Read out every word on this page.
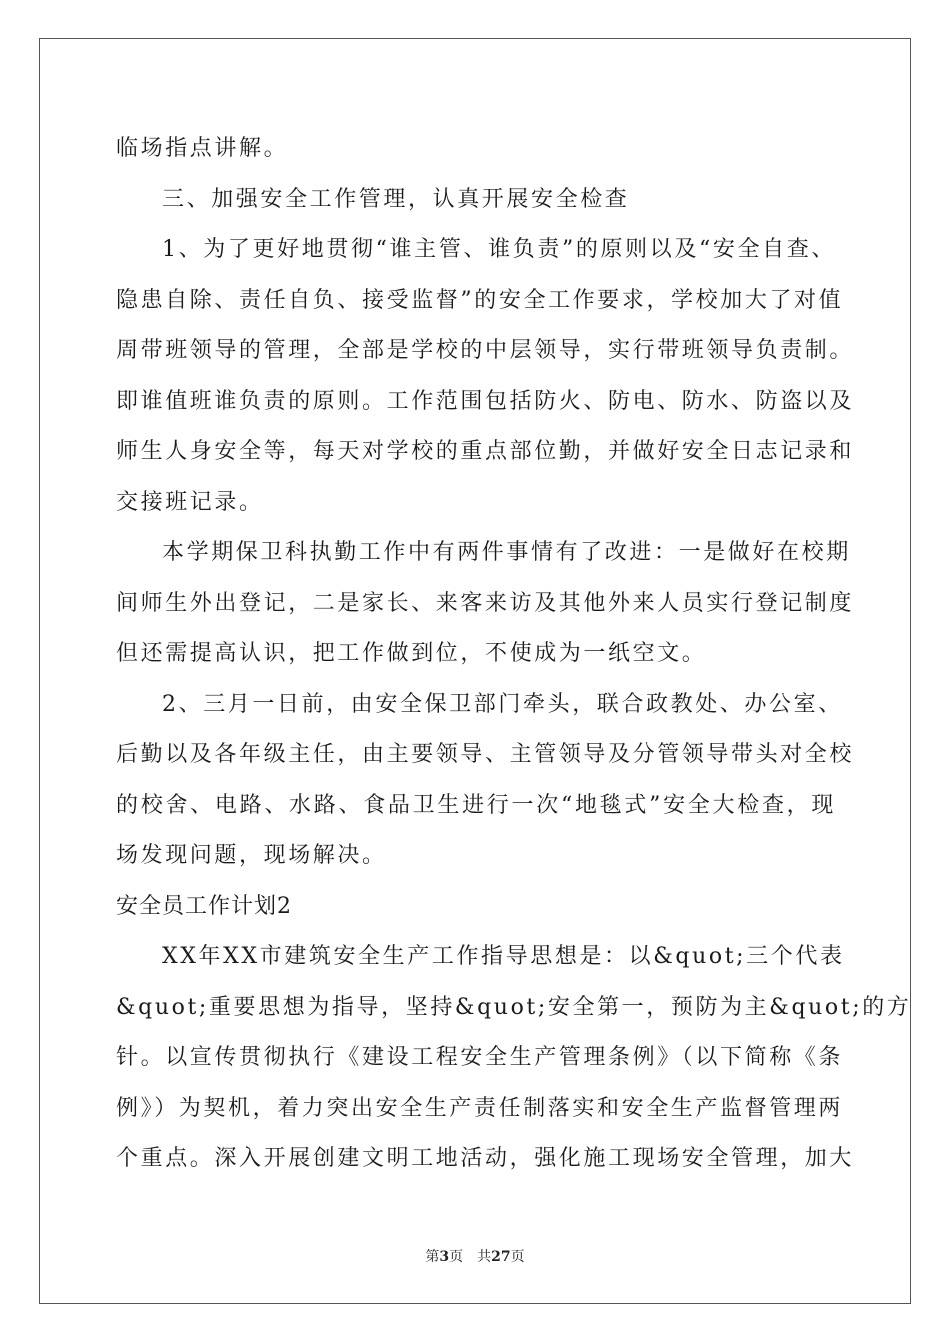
临场指点讲解。
三、加强安全工作管理，认真开展安全检查
1、为了更好地贯彻“谁主管、谁负责”的原则以及“安全自查、
隐患自除、责任自负、接受监督”的安全工作要求，学校加大了对值
周带班领导的管理，全部是学校的中层领导，实行带班领导负责制。
即谁值班谁负责的原则。工作范围包括防火、防电、防水、防盗以及
师生人身安全等，每天对学校的重点部位勤，并做好安全日志记录和
交接班记录。
本学期保卫科执勤工作中有两件事情有了改进：一是做好在校期
间师生外出登记，二是家长、来客来访及其他外来人员实行登记制度
但还需提高认识，把工作做到位，不使成为一纸空文。
2、三月一日前，由安全保卫部门牵头，联合政教处、办公室、
后勤以及各年级主任，由主要领导、主管领导及分管领导带头对全校
的校舍、电路、水路、食品卫生进行一次“地毯式”安全大检查，现
场发现问题，现场解决。
安全员工作计划2
XX年XX市建筑安全生产工作指导思想是：以&quot;三个代表
&quot;重要思想为指导，坚持&quot;安全第一，预防为主&quot;的方
针。以宣传贯彻执行《建设工程安全生产管理条例》（以下简称《条
例》）为契机，着力突出安全生产责任制落实和安全生产监督管理两
个重点。深入开展创建文明工地活动，强化施工现场安全管理，加大
第3页 共27页
